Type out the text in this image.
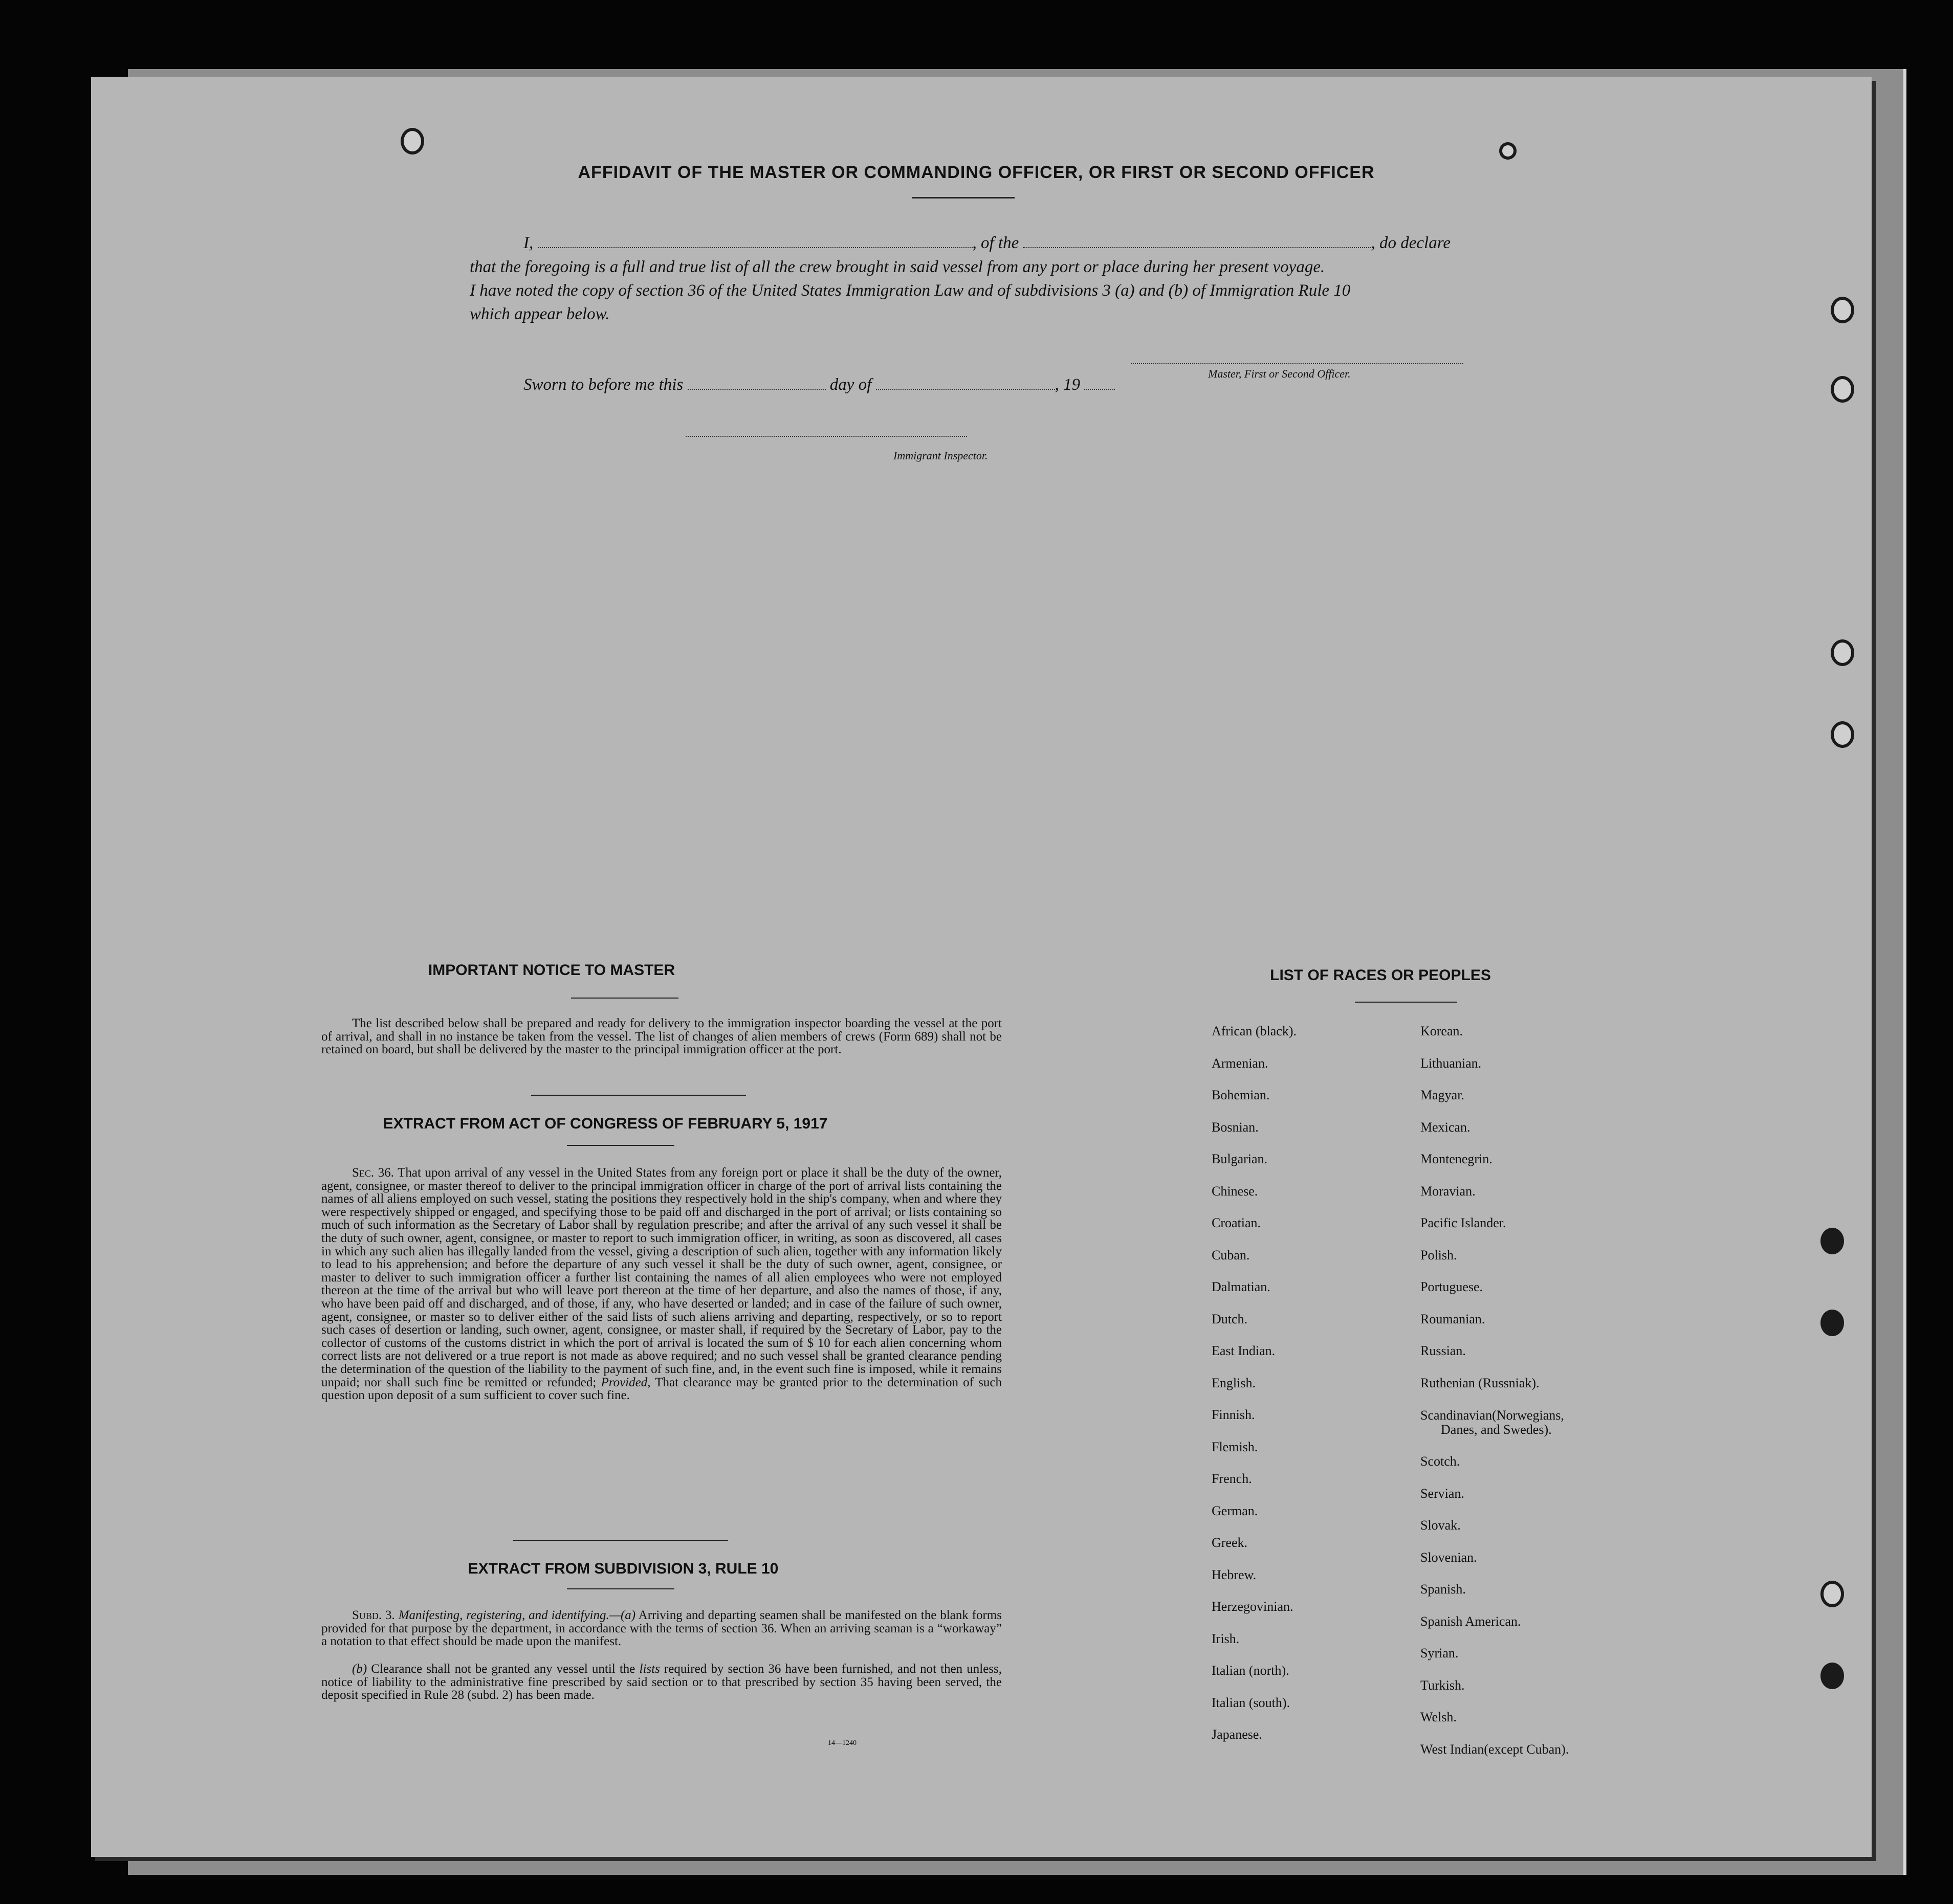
AFFIDAVIT OF THE MASTER OR COMMANDING OFFICER, OR FIRST OR SECOND OFFICER
I,	, of the	, do declare
that the foregoing is a full and true list of all the crew brought in said vessel from any port or place during her present voyage.
I have noted the copy of section 36 of the United States Immigration Law and of subdivisions 3 (a) and (b) of Immigration Rule 10
which appear below.
Master, First or Second Officer.
Sworn to before me this	day of	, 19
Immigrant Inspector.
IMPORTANT NOTICE TO MASTER
The list described below shall be prepared and ready for delivery to the immigration inspector boarding the vessel at the port of arrival, and shall in no instance be taken from the vessel. The list of changes of alien members of crews (Form 689) shall not be retained on board, but shall be delivered by the master to the principal immigration officer at the port.
EXTRACT FROM ACT OF CONGRESS OF FEBRUARY 5, 1917
Sec. 36. That upon arrival of any vessel in the United States from any foreign port or place it shall be the duty of the owner, agent, consignee, or master thereof to deliver to the principal immigration officer in charge of the port of arrival lists containing the names of all aliens employed on such vessel, stating the positions they respectively hold in the ship's company, when and where they were respectively shipped or engaged, and specifying those to be paid off and discharged in the port of arrival; or lists containing so much of such information as the Secretary of Labor shall by regulation prescribe; and after the arrival of any such vessel it shall be the duty of such owner, agent, consignee, or master to report to such immigration officer, in writing, as soon as discovered, all cases in which any such alien has illegally landed from the vessel, giving a description of such alien, together with any information likely to lead to his apprehension; and before the departure of any such vessel it shall be the duty of such owner, agent, consignee, or master to deliver to such immigration officer a further list containing the names of all alien employees who were not employed thereon at the time of the arrival but who will leave port thereon at the time of her departure, and also the names of those, if any, who have been paid off and discharged, and of those, if any, who have deserted or landed; and in case of the failure of such owner, agent, consignee, or master so to deliver either of the said lists of such aliens arriving and departing, respectively, or so to report such cases of desertion or landing, such owner, agent, consignee, or master shall, if required by the Secretary of Labor, pay to the collector of customs of the customs district in which the port of arrival is located the sum of $ 10 for each alien concerning whom correct lists are not delivered or a true report is not made as above required; and no such vessel shall be granted clearance pending the determination of the question of the liability to the payment of such fine, and, in the event such fine is imposed, while it remains unpaid; nor shall such fine be remitted or refunded; Provided, That clearance may be granted prior to the determination of such question upon deposit of a sum sufficient to cover such fine.
EXTRACT FROM SUBDIVISION 3, RULE 10
Subd. 3. Manifesting, registering, and identifying.—(a) Arriving and departing seamen shall be manifested on the blank forms provided for that purpose by the department, in accordance with the terms of section 36. When an arriving seaman is a “workaway” a notation to that effect should be made upon the manifest.
(b) Clearance shall not be granted any vessel until the lists required by section 36 have been furnished, and not then unless, notice of liability to the administrative fine prescribed by said section or to that prescribed by section 35 having been served, the deposit specified in Rule 28 (subd. 2) has been made.
14—1240
LIST OF RACES OR PEOPLES
African (black).
Armenian.
Bohemian.
Bosnian.
Bulgarian.
Chinese.
Croatian.
Cuban.
Dalmatian.
Dutch.
East Indian.
English.
Finnish.
Flemish.
French.
German.
Greek.
Hebrew.
Herzegovinian.
Irish.
Italian (north).
Italian (south).
Japanese.
Korean.
Lithuanian.
Magyar.
Mexican.
Montenegrin.
Moravian.
Pacific Islander.
Polish.
Portuguese.
Roumanian.
Russian.
Ruthenian (Russniak).
Scandinavian(Norwegians,
Danes, and Swedes).
Scotch.
Servian.
Slovak.
Slovenian.
Spanish.
Spanish American.
Syrian.
Turkish.
Welsh.
West Indian(except Cuban).
